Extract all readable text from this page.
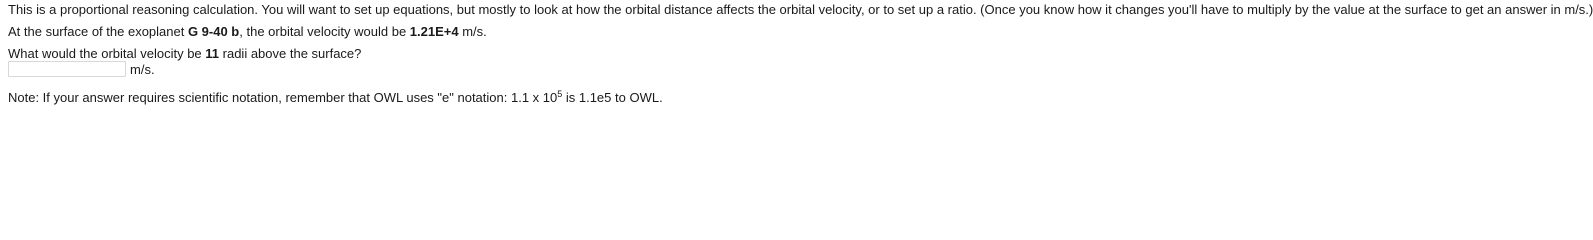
This is a proportional reasoning calculation. You will want to set up equations, but mostly to look at how the orbital distance affects the orbital velocity, or to set up a ratio. (Once you know how it changes you'll have to multiply by the value at the surface to get an answer in m/s.)
At the surface of the exoplanet G 9-40 b, the orbital velocity would be 1.21E+4 m/s.
What would the orbital velocity be 11 radii above the surface?
m/s.
Note: If your answer requires scientific notation, remember that OWL uses "e" notation: 1.1 x $10^5$ is 1.1e5 to OWL.
